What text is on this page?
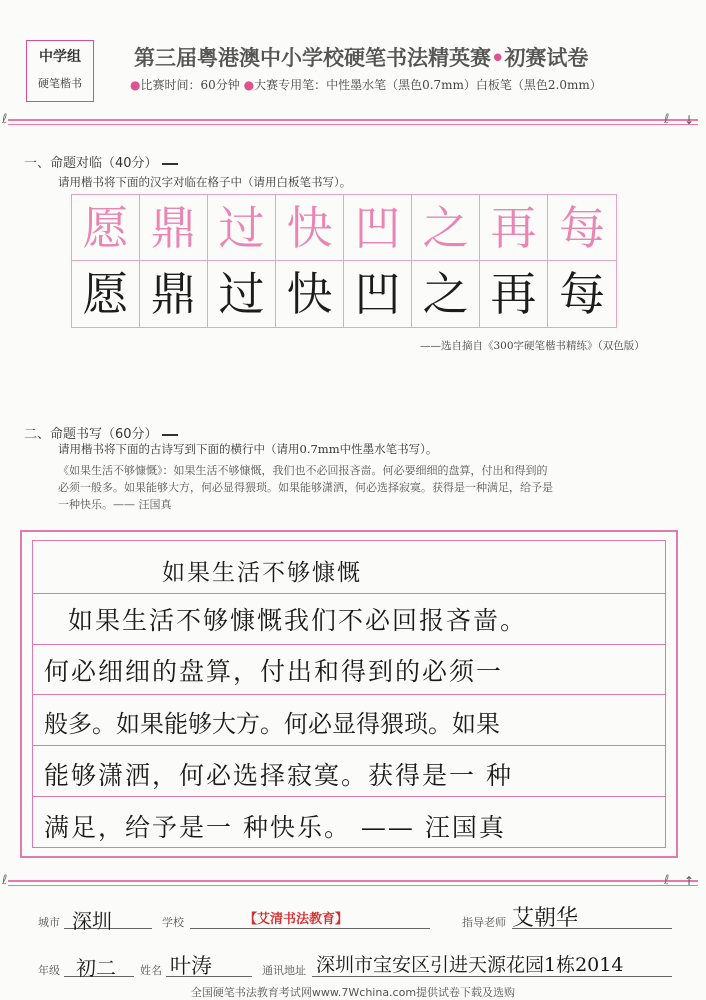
中学组
硬笔楷书
第三届粤港澳中小学校硬笔书法精英赛•初赛试卷
●比赛时间：60分钟 ●大赛专用笔：中性墨水笔（黑色0.7mm）白板笔（黑色2.0mm）
ℓ	ℓ ↓
一、命题对临（40分）
请用楷书将下面的汉字对临在格子中（请用白板笔书写）。
愿 鼎 过 快 凹 之 再 每
愿 鼎 过 快 凹 之 再 每
——选自摘自《300字硬笔楷书精练》（双色版）
二、命题书写（60分）
请用楷书将下面的古诗写到下面的横行中（请用0.7mm中性墨水笔书写）。
《如果生活不够慷慨》：如果生活不够慷慨，我们也不必回报吝啬。何必要细细的盘算，付出和得到的
必须一般多。如果能够大方，何必显得猥琐。如果能够潇洒，何必选择寂寞。获得是一种满足，给予是
一种快乐。—— 汪国真
如果生活不够慷慨
如果生活不够慷慨我们不必回报吝啬。
何必细细的盘算，付出和得到的必须一
般多。如果能够大方。何必显得猥琐。如果
能够潇洒，何必选择寂寞。获得是一 种
满足，给予是一 种快乐。 —— 汪国真
ℓ	ℓ ↑
城市 深圳	学校	【艾清书法教育】	指导老师 艾朝华
年级 初二 姓名 叶涛	通讯地址 深圳市宝安区引进天源花园1栋2014
全国硬笔书法教育考试网www.7Wchina.com提供试卷下载及选购
